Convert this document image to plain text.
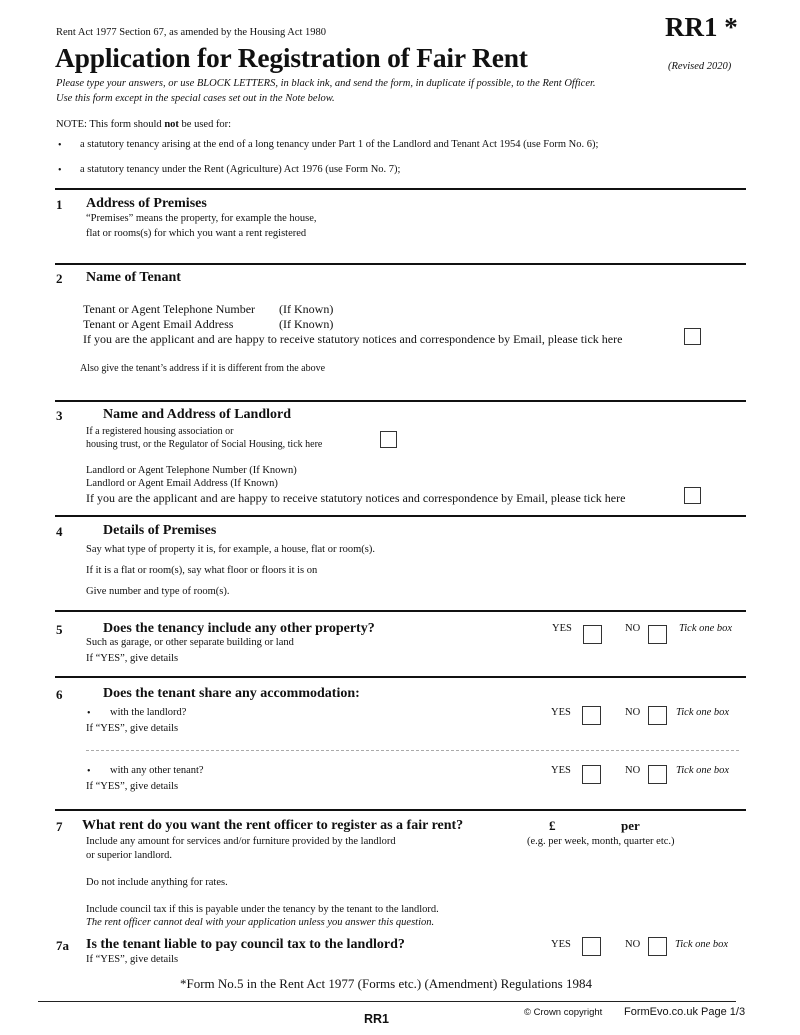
Rent Act 1977 Section 67, as amended by the Housing Act 1980	RR1 *
Application for Registration of Fair Rent	(Revised 2020)
Please type your answers, or use BLOCK LETTERS, in black ink, and send the form, in duplicate if possible, to the Rent Officer.
Use this form except in the special cases set out in the Note below.
NOTE: This form should not be used for:
• a statutory tenancy arising at the end of a long tenancy under Part 1 of the Landlord and Tenant Act 1954 (use Form No. 6);
• a statutory tenancy under the Rent (Agriculture) Act 1976 (use Form No. 7);
1 Address of Premises
“Premises” means the property, for example the house,
flat or rooms(s) for which you want a rent registered
2 Name of Tenant
Tenant or Agent Telephone Number (If Known)
Tenant or Agent Email Address	(If Known)
If you are the applicant and are happy to receive statutory notices and correspondence by Email, please tick here
Also give the tenant’s address if it is different from the above
3	Name and Address of Landlord
If a registered housing association or
housing trust, or the Regulator of Social Housing, tick here
Landlord or Agent Telephone Number (If Known)
Landlord or Agent Email Address (If Known)
If you are the applicant and are happy to receive statutory notices and correspondence by Email, please tick here
4	Details of Premises
Say what type of property it is, for example, a house, flat or room(s).
If it is a flat or room(s), say what floor or floors it is on
Give number and type of room(s).
5	Does the tenancy include any other property?
Such as garage, or other separate building or land
If “YES”, give details
YES	NO	Tick one box
6	Does the tenant share any accommodation:
• with the landlord?
If “YES”, give details
YES	NO	Tick one box
• with any other tenant?
If “YES”, give details
YES	NO	Tick one box
7 What rent do you want the rent officer to register as a fair rent?	£	per
(e.g. per week, month, quarter etc.)
Include any amount for services and/or furniture provided by the landlord
or superior landlord.
Do not include anything for rates.
Include council tax if this is payable under the tenancy by the tenant to the landlord.
The rent officer cannot deal with your application unless you answer this question.
7a Is the tenant liable to pay council tax to the landlord?
If “YES”, give details
YES	NO	Tick one box
*Form No.5 in the Rent Act 1977 (Forms etc.) (Amendment) Regulations 1984
RR1	© Crown copyright FormEvo.co.uk Page 1/3
